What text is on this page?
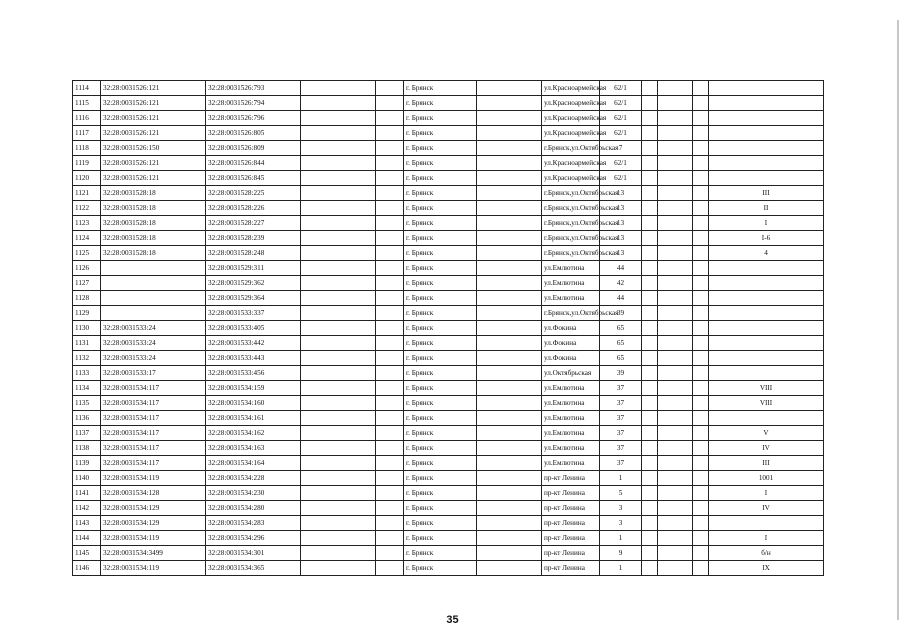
1114	32:28:0031526:121	32:28:0031526:793			г. Брянск		ул.Красноармейская	62/1				
1115	32:28:0031526:121	32:28:0031526:794			г. Брянск		ул.Красноармейская	62/1				
1116	32:28:0031526:121	32:28:0031526:796			г. Брянск		ул.Красноармейская	62/1				
1117	32:28:0031526:121	32:28:0031526:805			г. Брянск		ул.Красноармейская	62/1				
1118	32:28:0031526:150	32:28:0031526:809			г. Брянск		г.Брянск,ул.Октябрьская	7				
1119	32:28:0031526:121	32:28:0031526:844			г. Брянск		ул.Красноармейская	62/1				
1120	32:28:0031526:121	32:28:0031526:845			г. Брянск		ул.Красноармейская	62/1				
1121	32:28:0031528:18	32:28:0031528:225			г. Брянск		г.Брянск,ул.Октябрьская	13				III
1122	32:28:0031528:18	32:28:0031528:226			г. Брянск		г.Брянск,ул.Октябрьская	13				II
1123	32:28:0031528:18	32:28:0031528:227			г. Брянск		г.Брянск,ул.Октябрьская	13				I
1124	32:28:0031528:18	32:28:0031528:239			г. Брянск		г.Брянск,ул.Октябрьская	13				I-6
1125	32:28:0031528:18	32:28:0031528:248			г. Брянск		г.Брянск,ул.Октябрьская	13				4
1126		32:28:0031529:311			г. Брянск		ул.Емлютина	44				
1127		32:28:0031529:362			г. Брянск		ул.Емлютина	42				
1128		32:28:0031529:364			г. Брянск		ул.Емлютина	44				
1129		32:28:0031533:337			г. Брянск		г.Брянск,ул.Октябрьская	39				
1130	32:28:0031533:24	32:28:0031533:405			г. Брянск		ул.Фокина	65				
1131	32:28:0031533:24	32:28:0031533:442			г. Брянск		ул.Фокина	65				
1132	32:28:0031533:24	32:28:0031533:443			г. Брянск		ул.Фокина	65				
1133	32:28:0031533:17	32:28:0031533:456			г. Брянск		ул.Октябрьская	39				
1134	32:28:0031534:117	32:28:0031534:159			г. Брянск		ул.Емлютина	37				VIII
1135	32:28:0031534:117	32:28:0031534:160			г. Брянск		ул.Емлютина	37				VIII
1136	32:28:0031534:117	32:28:0031534:161			г. Брянск		ул.Емлютина	37				
1137	32:28:0031534:117	32:28:0031534:162			г. Брянск		ул.Емлютина	37				V
1138	32:28:0031534:117	32:28:0031534:163			г. Брянск		ул.Емлютина	37				IV
1139	32:28:0031534:117	32:28:0031534:164			г. Брянск		ул.Емлютина	37				III
1140	32:28:0031534:119	32:28:0031534:228			г. Брянск		пр-кт Ленина	1				1001
1141	32:28:0031534:128	32:28:0031534:230			г. Брянск		пр-кт Ленина	5				I
1142	32:28:0031534:129	32:28:0031534:280			г. Брянск		пр-кт Ленина	3				IV
1143	32:28:0031534:129	32:28:0031534:283			г. Брянск		пр-кт Ленина	3				
1144	32:28:0031534:119	32:28:0031534:296			г. Брянск		пр-кт Ленина	1				I
1145	32:28:0031534:3499	32:28:0031534:301			г. Брянск		пр-кт Ленина	9				б/н
1146	32:28:0031534:119	32:28:0031534:365			г. Брянск		пр-кт Ленина	1				IX
35
